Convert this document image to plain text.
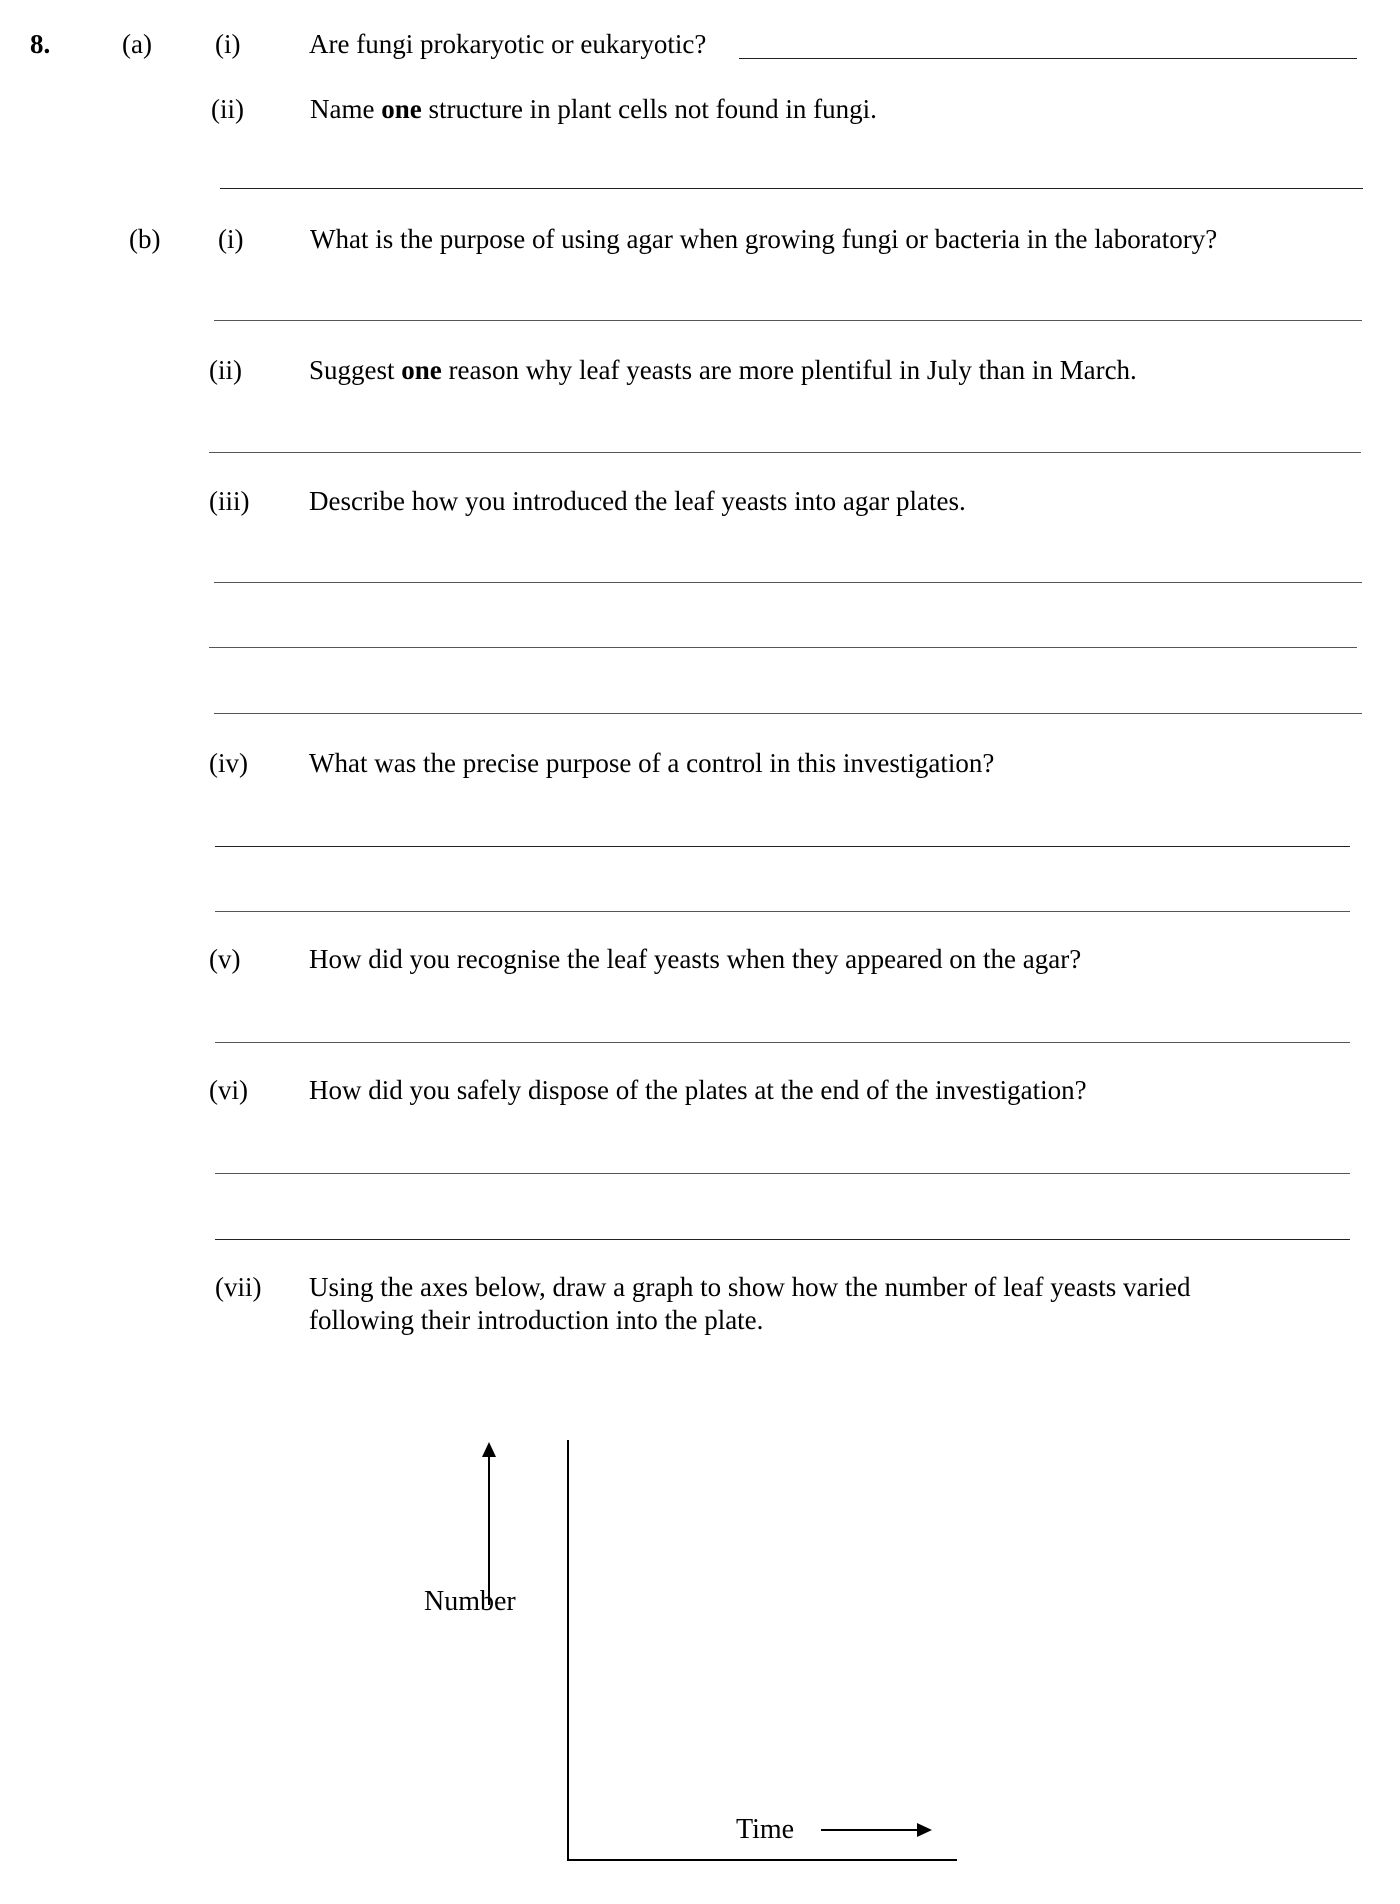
8.	(a) (i)	Are fungi prokaryotic or eukaryotic?
(ii) Name one structure in plant cells not found in fungi.
(b) (i) What is the purpose of using agar when growing fungi or bacteria in the laboratory?
(ii) Suggest one reason why leaf yeasts are more plentiful in July than in March.
(iii) Describe how you introduced the leaf yeasts into agar plates.
(iv) What was the precise purpose of a control in this investigation?
(v)	How did you recognise the leaf yeasts when they appeared on the agar?
(vi) How did you safely dispose of the plates at the end of the investigation?
(vii) Using the axes below, draw a graph to show how the number of leaf yeasts varied
following their introduction into the plate.
Number
Time
